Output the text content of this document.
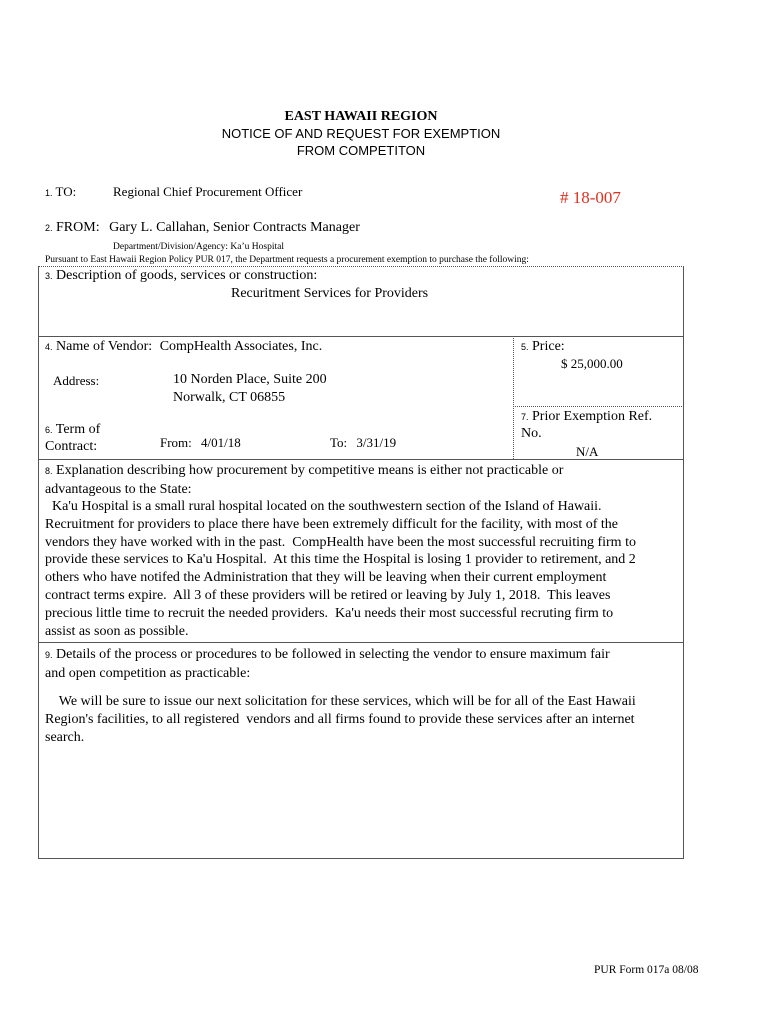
EAST HAWAII REGION
NOTICE OF AND REQUEST FOR EXEMPTION
FROM COMPETITON
1. TO:	Regional Chief Procurement Officer	# 18-007
2. FROM: Gary L. Callahan, Senior Contracts Manager
Department/Division/Agency: Ka’u Hospital
Pursuant to East Hawaii Region Policy PUR 017, the Department requests a procurement exemption to purchase the following:
3. Description of goods, services or construction:
Recuritment Services for Providers
4. Name of Vendor: CompHealth Associates, Inc.
Address:	10 Norden Place, Suite 200
Norwalk, CT 06855
5. Price:
$ 25,000.00
6. Term of
Contract:	From: 4/01/18	To: 3/31/19
7. Prior Exemption Ref.
No.
N/A
8. Explanation describing how procurement by competitive means is either not practicable or
advantageous to the State:
Ka'u Hospital is a small rural hospital located on the southwestern section of the Island of Hawaii.
Recruitment for providers to place there have been extremely difficult for the facility, with most of the
vendors they have worked with in the past.  CompHealth have been the most successful recruiting firm to
provide these services to Ka'u Hospital.  At this time the Hospital is losing 1 provider to retirement, and 2
others who have notifed the Administration that they will be leaving when their current employment
contract terms expire.  All 3 of these providers will be retired or leaving by July 1, 2018.  This leaves
precious little time to recruit the needed providers.  Ka'u needs their most successful recruting firm to
assist as soon as possible.
9. Details of the process or procedures to be followed in selecting the vendor to ensure maximum fair
and open competition as practicable:
We will be sure to issue our next solicitation for these services, which will be for all of the East Hawaii
Region's facilities, to all registered  vendors and all firms found to provide these services after an internet
search.
PUR Form 017a 08/08
